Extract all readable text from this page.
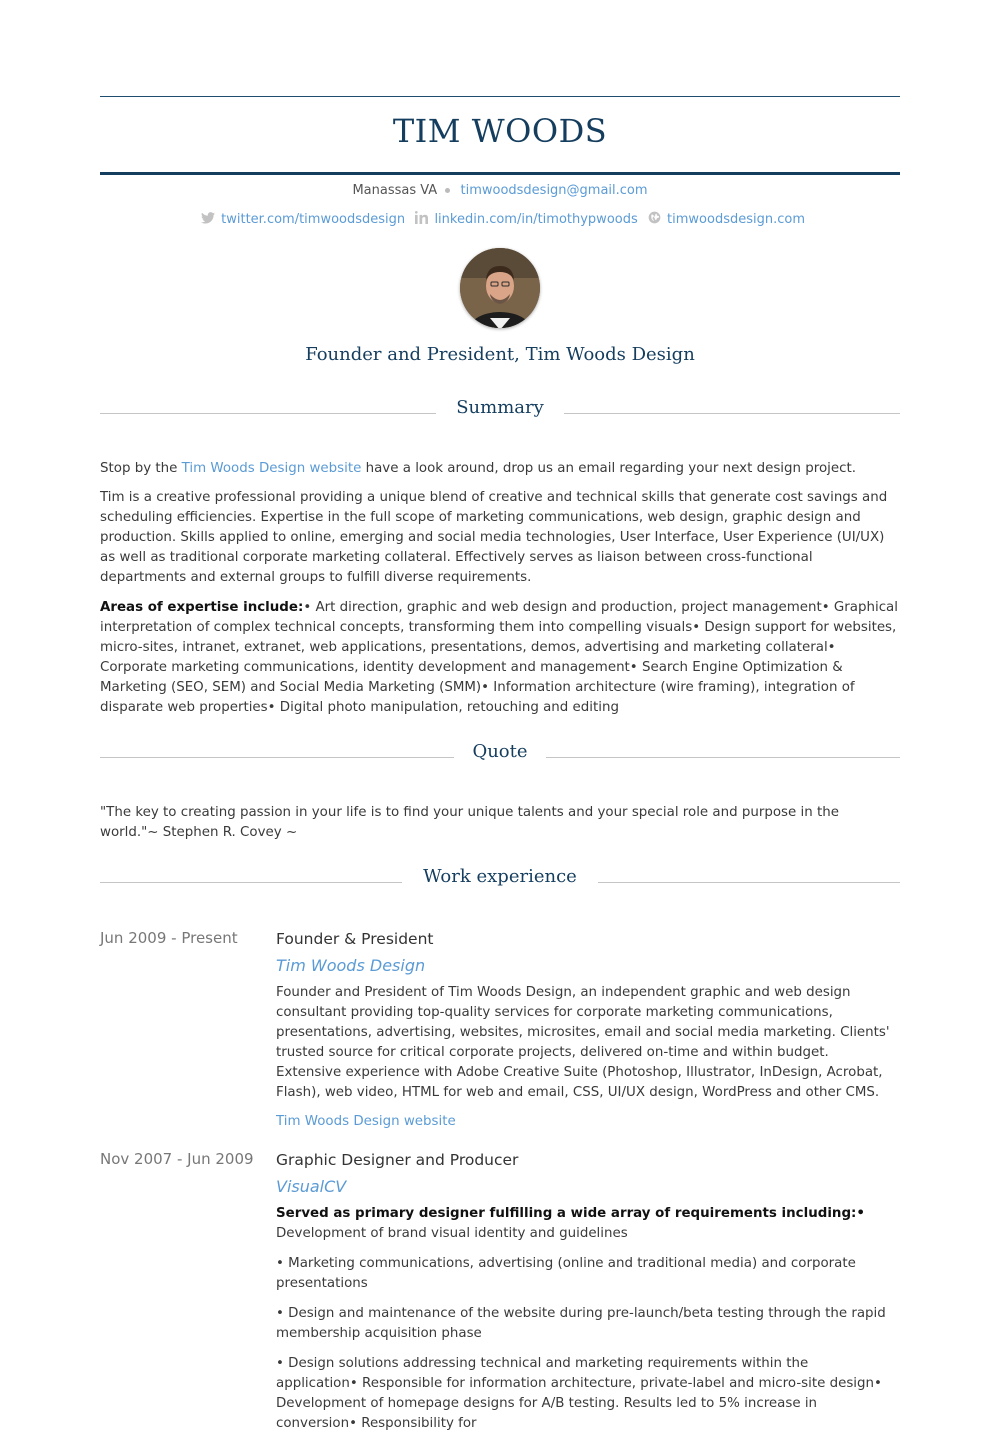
TIM WOODS
Manassas VA timwoodsdesign@gmail.com
twitter.com/timwoodsdesign linkedin.com/in/timothypwoods timwoodsdesign.com
Founder and President, Tim Woods Design
Summary
Stop by the Tim Woods Design website have a look around, drop us an email regarding your next design project.
Tim is a creative professional providing a unique blend of creative and technical skills that generate cost savings and scheduling efficiencies. Expertise in the full scope of marketing communications, web design, graphic design and production. Skills applied to online, emerging and social media technologies, User Interface, User Experience (UI/UX) as well as traditional corporate marketing collateral. Effectively serves as liaison between cross-functional departments and external groups to fulfill diverse requirements.
Areas of expertise include:• Art direction, graphic and web design and production, project management• Graphical interpretation of complex technical concepts, transforming them into compelling visuals• Design support for websites, micro-sites, intranet, extranet, web applications, presentations, demos, advertising and marketing collateral• Corporate marketing communications, identity development and management• Search Engine Optimization & Marketing (SEO, SEM) and Social Media Marketing (SMM)• Information architecture (wire framing), integration of disparate web properties• Digital photo manipulation, retouching and editing
Quote
"The key to creating passion in your life is to find your unique talents and your special role and purpose in the world."~ Stephen R. Covey ~
Work experience
Jun 2009 - Present Founder & President
Tim Woods Design
Founder and President of Tim Woods Design, an independent graphic and web design consultant providing top-quality services for corporate marketing communications, presentations, advertising, websites, microsites, email and social media marketing. Clients' trusted source for critical corporate projects, delivered on-time and within budget. Extensive experience with Adobe Creative Suite (Photoshop, Illustrator, InDesign, Acrobat, Flash), web video, HTML for web and email, CSS, UI/UX design, WordPress and other CMS.
Tim Woods Design website
Nov 2007 - Jun 2009 Graphic Designer and Producer
VisualCV
Served as primary designer fulfilling a wide array of requirements including:•
Development of brand visual identity and guidelines
• Marketing communications, advertising (online and traditional media) and corporate presentations
• Design and maintenance of the website during pre-launch/beta testing through the rapid membership acquisition phase
• Design solutions addressing technical and marketing requirements within the application• Responsible for information architecture, private-label and micro-site design• Development of homepage designs for A/B testing. Results led to 5% increase in conversion• Responsibility for
